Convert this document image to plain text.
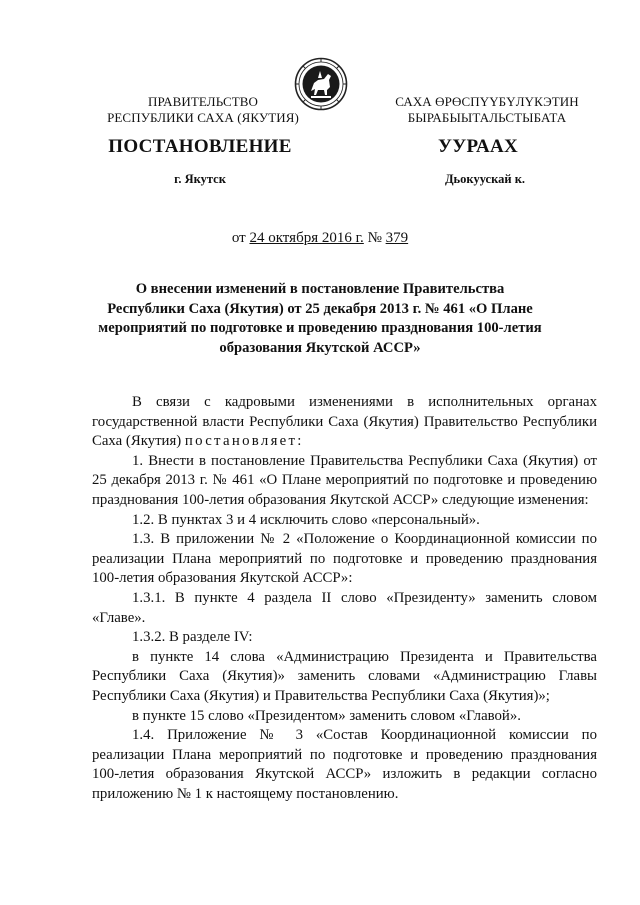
ПРАВИТЕЛЬСТВО
РЕСПУБЛИКИ САХА (ЯКУТИЯ)
САХА ӨРӨСПҮҮБҮЛҮКЭТИН
БЫРАБЫЫТАЛЬСТЫБАТА
ПОСТАНОВЛЕНИЕ	УУРААХ
г. Якутск	Дьокуускай к.
от 24 октября 2016 г. № 379
О внесении изменений в постановление Правительства Республики Саха (Якутия) от 25 декабря 2013 г. № 461 «О Плане мероприятий по подготовке и проведению празднования 100-летия образования Якутской АССР»

В связи с кадровыми изменениями в исполнительных органах государственной власти Республики Саха (Якутия) Правительство Республики Саха (Якутия) постановляет:

1. Внести в постановление Правительства Республики Саха (Якутия) от 25 декабря 2013 г. № 461 «О Плане мероприятий по подготовке и проведению празднования 100-летия образования Якутской АССР» следующие изменения:

1.2. В пунктах 3 и 4 исключить слово «персональный».

1.3. В приложении № 2 «Положение о Координационной комиссии по реализации Плана мероприятий по подготовке и проведению празднования 100-летия образования Якутской АССР»:

1.3.1. В пункте 4 раздела II слово «Президенту» заменить словом «Главе».

1.3.2. В разделе IV:

в пункте 14 слова «Администрацию Президента и Правительства Республики Саха (Якутия)» заменить словами «Администрацию Главы Республики Саха (Якутия) и Правительства Республики Саха (Якутия)»;

в пункте 15 слово «Президентом» заменить словом «Главой».

1.4. Приложение № 3 «Состав Координационной комиссии по реализации Плана мероприятий по подготовке и проведению празднования 100-летия образования Якутской АССР» изложить в редакции согласно приложению № 1 к настоящему постановлению.
